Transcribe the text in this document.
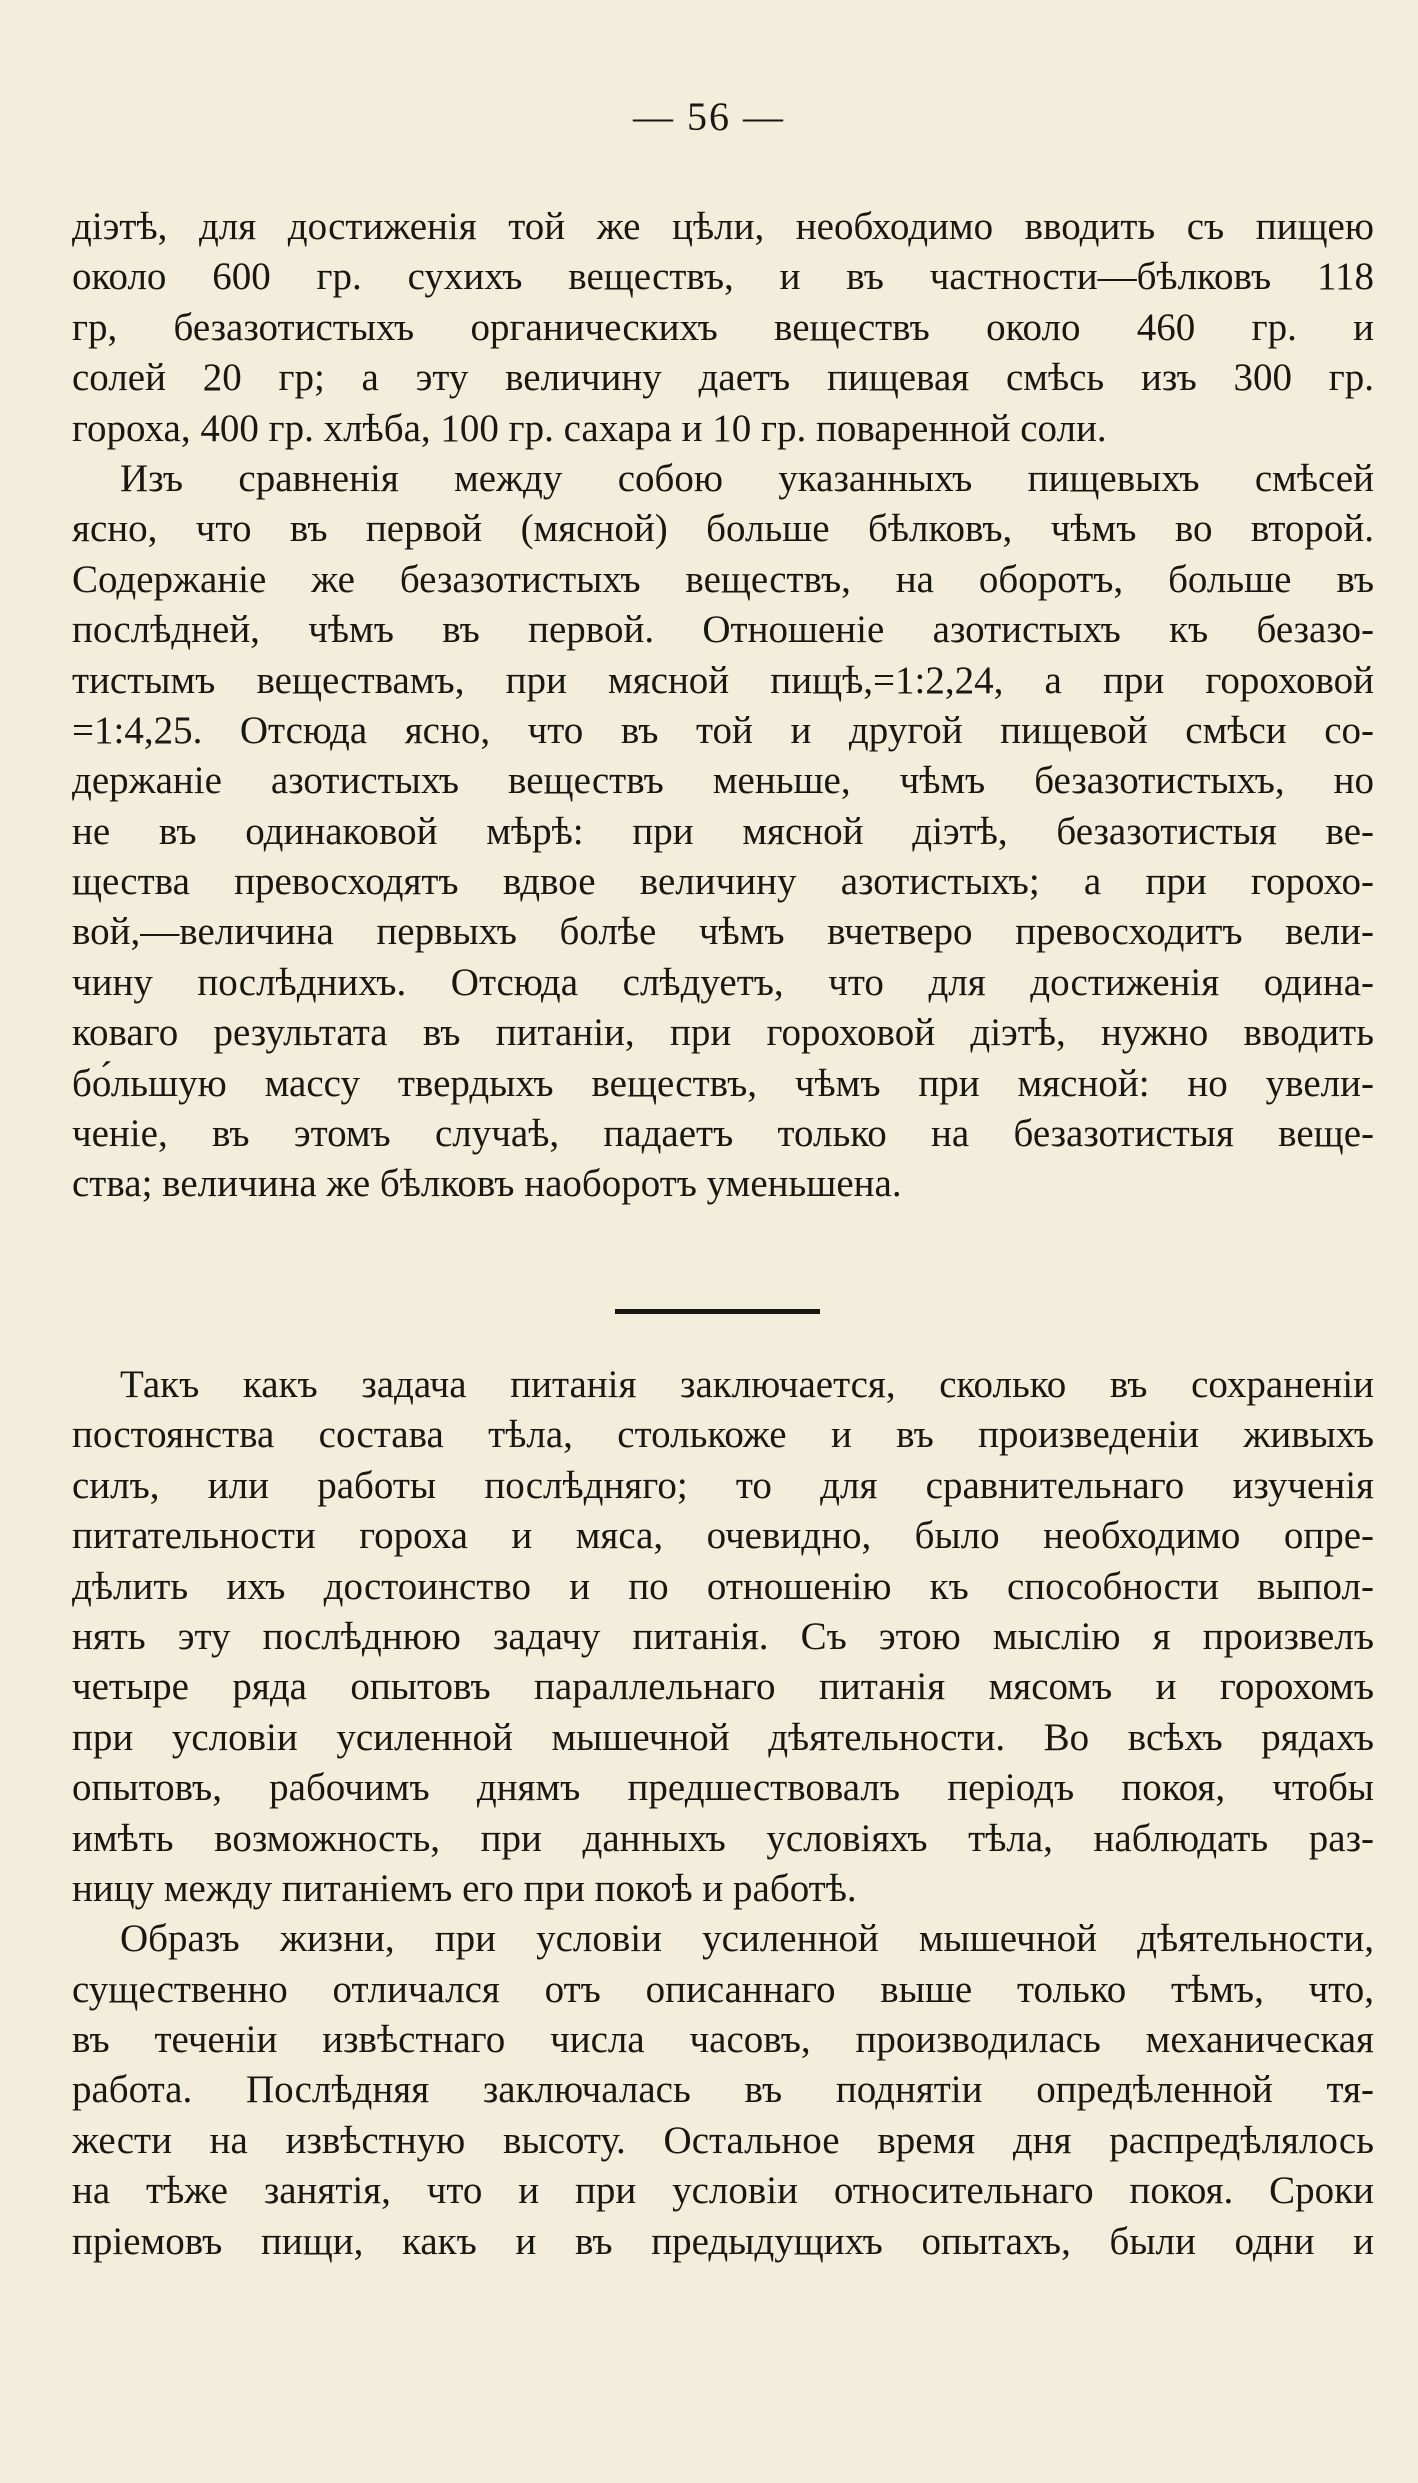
— 56 —
діэтѣ, для достиженія той же цѣли, необходимо вводить съ пищею
около 600 гр. сухихъ веществъ, и въ частности—бѣлковъ 118
гр, безазотистыхъ органическихъ веществъ около 460 гр. и
солей 20 гр; а эту величину даетъ пищевая смѣсь изъ 300 гр.
гороха, 400 гр. хлѣба, 100 гр. сахара и 10 гр. поваренной соли.
Изъ сравненія между собою указанныхъ пищевыхъ смѣсей
ясно, что въ первой (мясной) больше бѣлковъ, чѣмъ во второй.
Содержаніе же безазотистыхъ веществъ, на оборотъ, больше въ
послѣдней, чѣмъ въ первой. Отношеніе азотистыхъ къ безазо-
тистымъ веществамъ, при мясной пищѣ,=1:2,24, а при гороховой
=1:4,25. Отсюда ясно, что въ той и другой пищевой смѣси со-
держаніе азотистыхъ веществъ меньше, чѣмъ безазотистыхъ, но
не въ одинаковой мѣрѣ: при мясной діэтѣ, безазотистыя ве-
щества превосходятъ вдвое величину азотистыхъ; а при горохо-
вой,—величина первыхъ болѣе чѣмъ вчетверо превосходитъ вели-
чину послѣднихъ. Отсюда слѣдуетъ, что для достиженія одина-
коваго результата въ питаніи, при гороховой діэтѣ, нужно вводить
бо́льшую массу твердыхъ веществъ, чѣмъ при мясной: но увели-
ченіе, въ этомъ случаѣ, падаетъ только на безазотистыя веще-
ства; величина же бѣлковъ наоборотъ уменьшена.
Такъ какъ задача питанія заключается, сколько въ сохраненіи
постоянства состава тѣла, столькоже и въ произведеніи живыхъ
силъ, или работы послѣдняго; то для сравнительнаго изученія
питательности гороха и мяса, очевидно, было необходимо опре-
дѣлить ихъ достоинство и по отношенію къ способности выпол-
нять эту послѣднюю задачу питанія. Съ этою мыслію я произвелъ
четыре ряда опытовъ параллельнаго питанія мясомъ и горохомъ
при условіи усиленной мышечной дѣятельности. Во всѣхъ рядахъ
опытовъ, рабочимъ днямъ предшествовалъ періодъ покоя, чтобы
имѣть возможность, при данныхъ условіяхъ тѣла, наблюдать раз-
ницу между питаніемъ его при покоѣ и работѣ.
Образъ жизни, при условіи усиленной мышечной дѣятельности,
существенно отличался отъ описаннаго выше только тѣмъ, что,
въ теченіи извѣстнаго числа часовъ, производилась механическая
работа. Послѣдняя заключалась въ поднятіи опредѣленной тя-
жести на извѣстную высоту. Остальное время дня распредѣлялось
на тѣже занятія, что и при условіи относительнаго покоя. Сроки
пріемовъ пищи, какъ и въ предыдущихъ опытахъ, были одни и
